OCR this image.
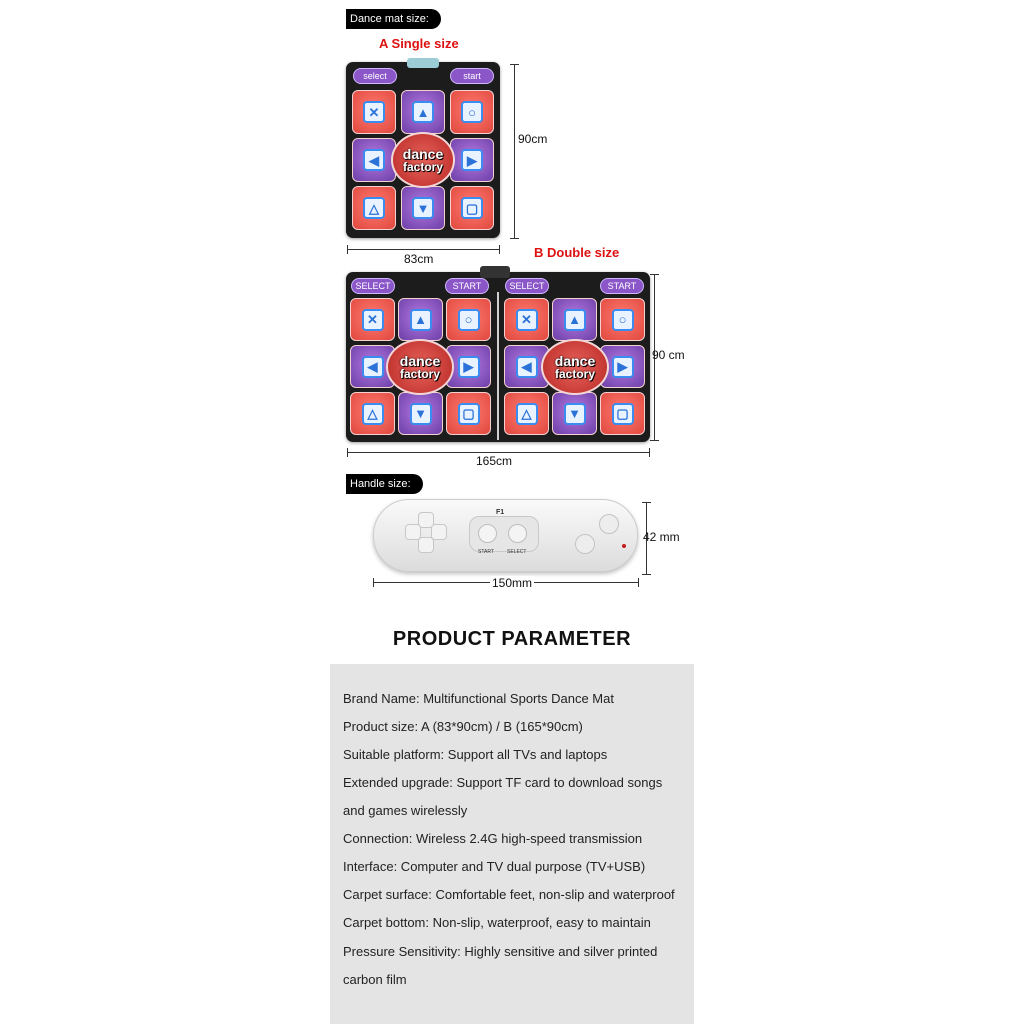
Dance mat size:
A Single size
select	start
✕	▲	○
◀	▶
△	▼	▢
dance
factory
90cm
83cm	B Double size
SELECT	START
✕	▲	○
◀	▶
△	▼	▢
dance
factory
SELECT	START
✕	▲	○
◀	▶
△	▼	▢
dance
factory
90 cm
165cm
Handle size:
F1
START	SELECT
42 mm
150mm
PRODUCT PARAMETER
Brand Name: Multifunctional Sports Dance Mat
Product size: A (83*90cm) / B (165*90cm)
Suitable platform: Support all TVs and laptops
Extended upgrade: Support TF card to download songs
and games wirelessly
Connection: Wireless 2.4G high-speed transmission
Interface: Computer and TV dual purpose (TV+USB)
Carpet surface: Comfortable feet, non-slip and waterproof
Carpet bottom: Non-slip, waterproof, easy to maintain
Pressure Sensitivity: Highly sensitive and silver printed
carbon film
